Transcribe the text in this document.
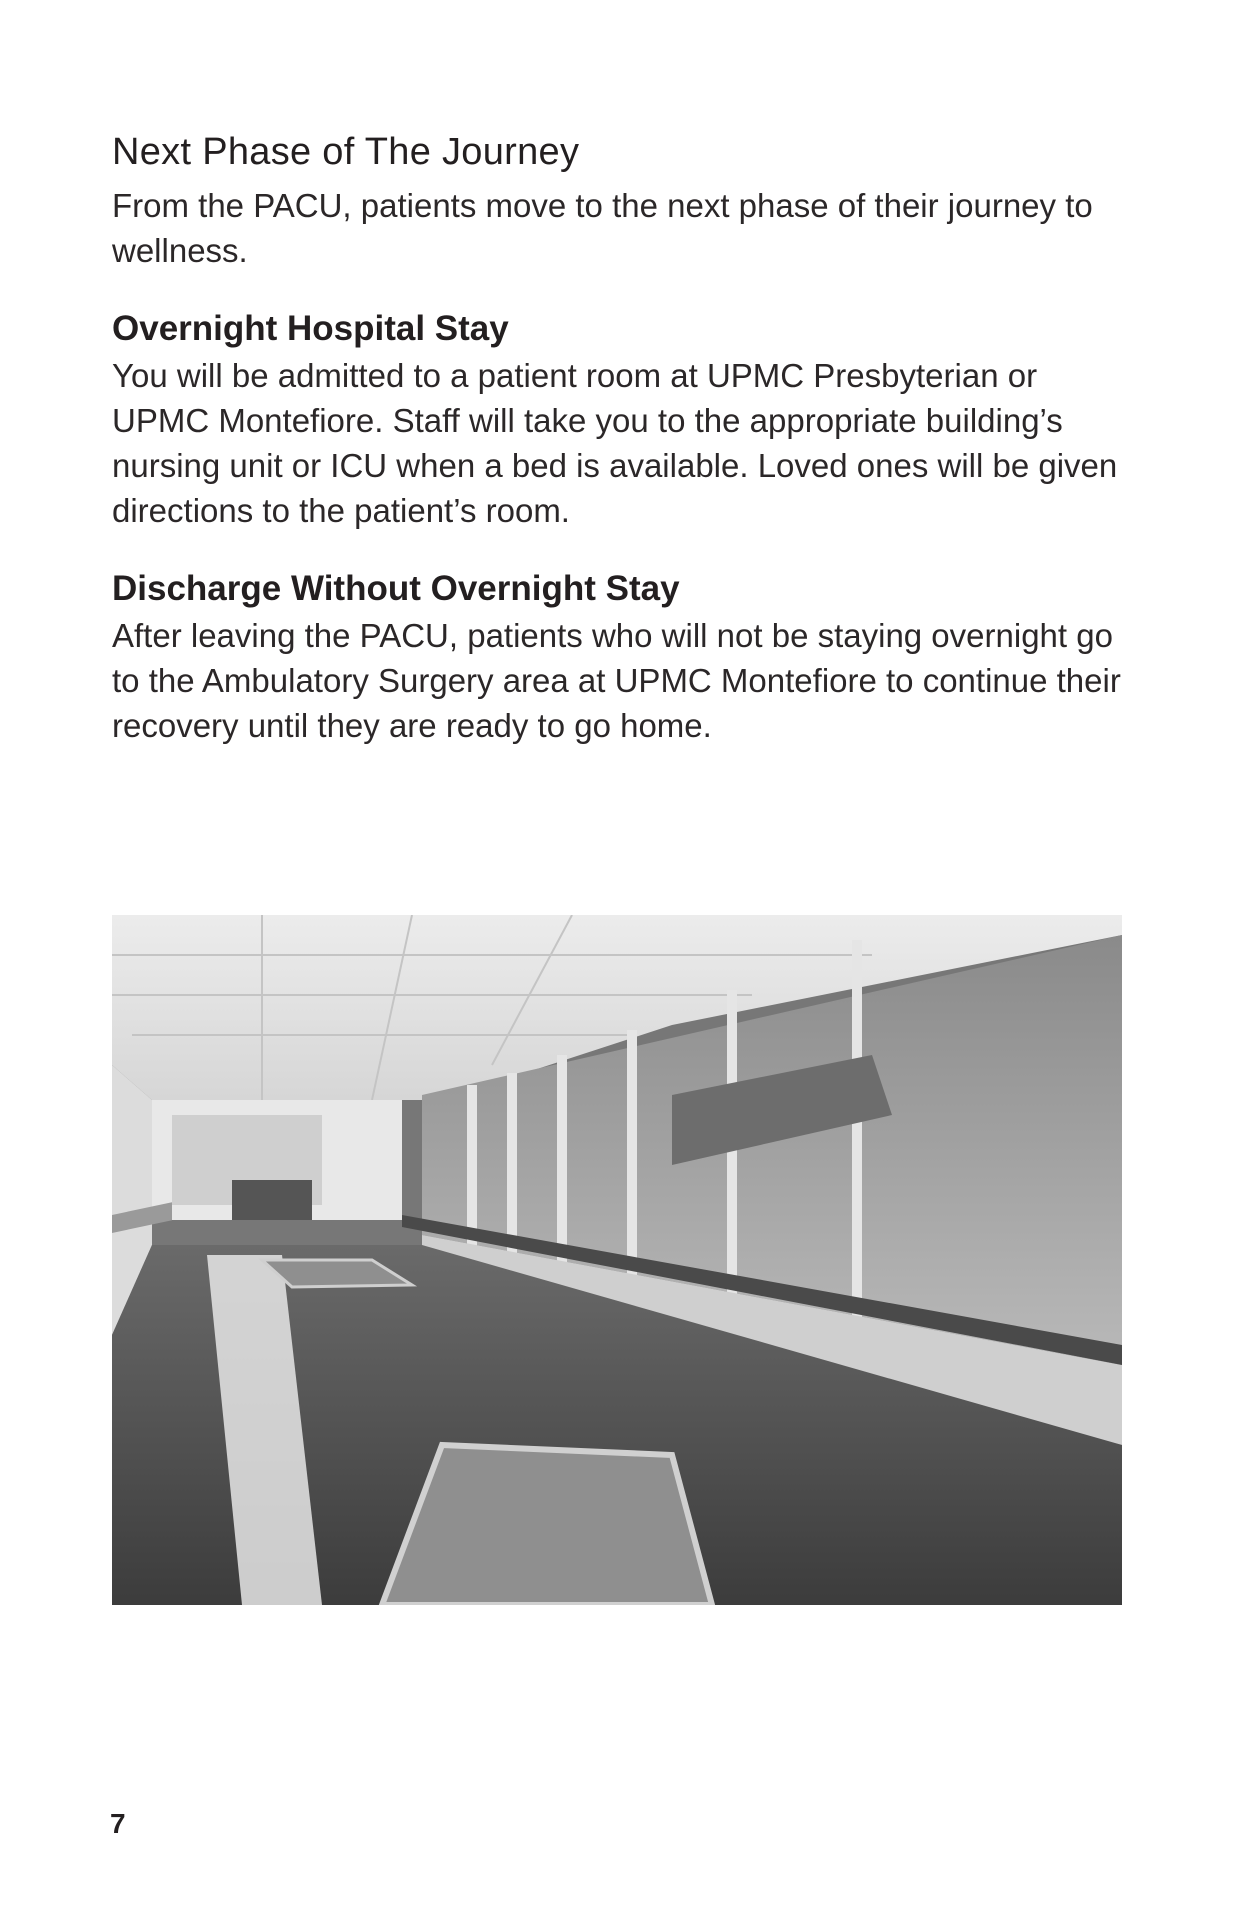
Next Phase of The Journey

From the PACU, patients move to the next phase of their journey to wellness.

Overnight Hospital Stay

You will be admitted to a patient room at UPMC Presbyterian or UPMC Montefiore. Staff will take you to the appropriate building’s nursing unit or ICU when a bed is available. Loved ones will be given directions to the patient’s room.

Discharge Without Overnight Stay

After leaving the PACU, patients who will not be staying overnight go to the Ambulatory Surgery area at UPMC Montefiore to continue their recovery until they are ready to go home.

7
